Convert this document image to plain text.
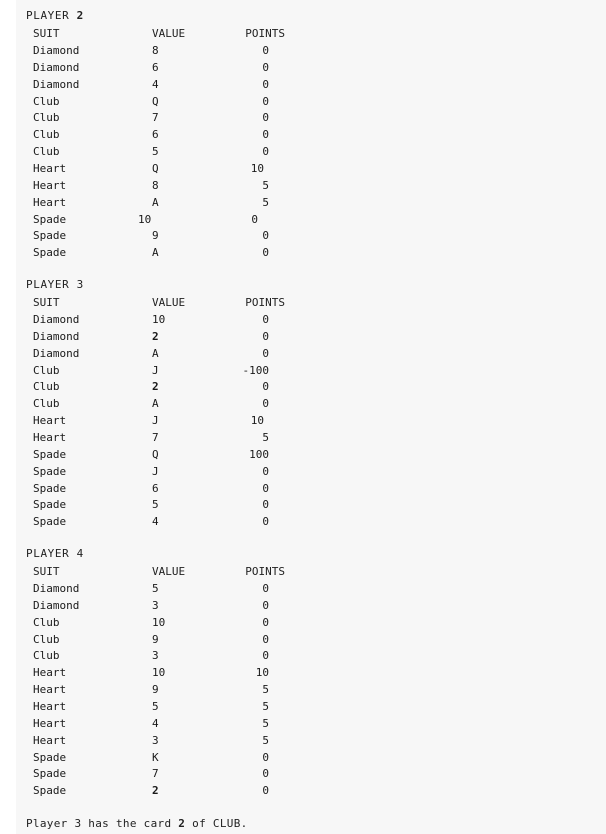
PLAYER 2
SUIT	VALUE	POINTS
Diamond	8	0
Diamond	6	0
Diamond	4	0
Club	Q	0
Club	7	0
Club	6	0
Club	5	0
Heart	Q	10
Heart	8	5
Heart	A	5
Spade	10	0
Spade	9	0
Spade	A	0
PLAYER 3
SUIT	VALUE	POINTS
Diamond	10	0
Diamond	2	0
Diamond	A	0
Club	J	-100
Club	2	0
Club	A	0
Heart	J	10
Heart	7	5
Spade	Q	100
Spade	J	0
Spade	6	0
Spade	5	0
Spade	4	0
PLAYER 4
SUIT	VALUE	POINTS
Diamond	5	0
Diamond	3	0
Club	10	0
Club	9	0
Club	3	0
Heart	10	10
Heart	9	5
Heart	5	5
Heart	4	5
Heart	3	5
Spade	K	0
Spade	7	0
Spade	2	0
Player 3 has the card 2 of CLUB.
